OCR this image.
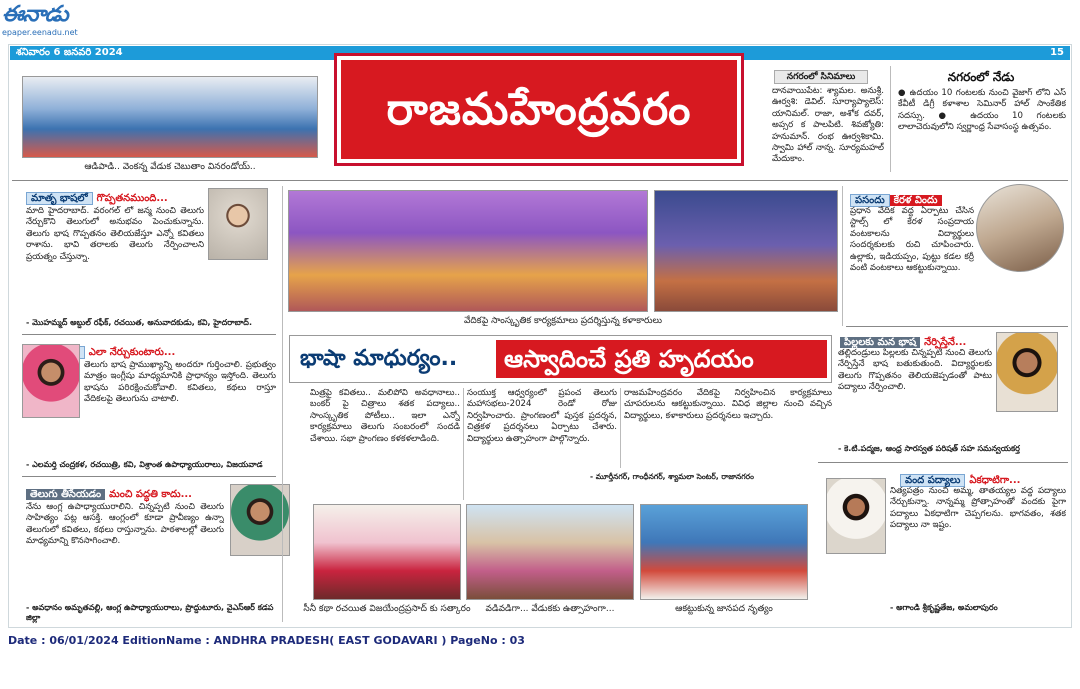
ఈనాడు
epaper.eenadu.net
శనివారం 6 జనవరి 2024	15
ఆడిపాడి.. వెంకన్న వేడుక చెబుతాం వినరండోయ్..
రాజమహేంద్రవరం
నగరంలో సినిమాలు
దానవాయిపేట: శ్యామల. అనుశ్రీ. ఊర్వశి: డెవిల్. సూర్యాప్యాలెస్: యానిమల్. రాజా, అశోక దవర్, అప్సర క పాలపిటి. శివజ్యోతి: హనుమాన్. రంభ ఊర్వశికామి. స్వామి హాల్ నాన్న. సూర్యమహల్ మేదుకాం.
నగరంలో నేడు
● ఉదయం 10 గంటలకు నుంచి వైజాగ్ లోని ఎస్ కేవీటీ డిగ్రీ కళాశాల సెమినార్ హాల్ సాంకేతిక సదస్సు. ● ఉదయం 10 గంటలకు లాలాచెరువులోని స్వర్ణాంధ్ర సేవాసంస్థ ఉత్సవం.
మాతృ భాషలో గొప్పతనముంది...
మాది హైదరాబాద్. వరంగల్ లో జన్మ నుంచి తెలుగు నేర్చుకొని తెలుగులో అనుభవం పెంచుకున్నాను. తెలుగు భాష గొప్పతనం తెలియజేస్తూ ఎన్నో కవితలు రాశాను. భావి తరాలకు తెలుగు నేర్పించాలని ప్రయత్నం చేస్తున్నా.
- మొహమ్మద్ అబ్దుల్ రఫీక్, రచయిత, అనువాదకుడు, కవి, హైదరాబాద్.
ఎలా నేర్చుకుంటారు...
తెలుగు భాష ప్రాముఖ్యాన్ని అందరూ గుర్తించాలి. ప్రభుత్వం మాత్రం ఇంగ్లీషు మాధ్యమానికి ప్రాధాన్యం ఇస్తోంది. తెలుగు భాషను పరిరక్షించుకోవాలి. కవితలు, కథలు రాస్తూ వేదికలపై తెలుగును చాటాలి.
- ఎలమర్తి చంద్రకళ, రచయిత్రి, కవి, విశ్రాంత ఉపాధ్యాయురాలు, విజయవాడ
తెలుగు తీసేయడం మంచి పద్ధతి కాదు...
నేను ఆంగ్ల ఉపాధ్యాయురాలిని. చిన్నప్పటి నుంచి తెలుగు సాహిత్యం పట్ల ఆసక్తి. ఆంగ్లంలో కూడా ప్రావీణ్యం ఉన్నా తెలుగులో కవితలు, కథలు రాస్తున్నాను. పాఠశాలల్లో తెలుగు మాధ్యమాన్ని కొనసాగించాలి.
- అవధానం అమృతవల్లి, ఆంగ్ల ఉపాధ్యాయురాలు, ప్రొద్దుటూరు, వైఎస్ఆర్ కడప జిల్లా
వేదికపై సాంస్కృతిక కార్యక్రమాలు ప్రదర్శిస్తున్న కళాకారులు
భాషా మాధుర్యం..	ఆస్వాదించే ప్రతి హృదయం
మిత్రపై కవితలు.. మలిపోవి అవధానాలు.. బంకర్ పై చిత్రాలు శతక పద్యాలు.. సాంస్కృతిక పోటీలు.. ఇలా ఎన్నో కార్యక్రమాలు తెలుగు సంబరంలో సందడి చేశాయి. సభా ప్రాంగణం కళకళలాడింది.
సంయుక్త ఆధ్వర్యంలో ప్రపంచ తెలుగు మహాసభలు-2024 రెండో రోజు నిర్వహించారు. ప్రాంగణంలో పుస్తక ప్రదర్శన, చిత్రకళ ప్రదర్శనలు ఏర్పాటు చేశారు. విద్యార్థులు ఉత్సాహంగా పాల్గొన్నారు.
- మూర్తీనగర్, గాంధీనగర్, శ్యామలా సెంటర్, రాజానగరం
రాజమహేంద్రవరం వేదికపై నిర్వహించిన కార్యక్రమాలు చూపరులను ఆకట్టుకున్నాయి. వివిధ జిల్లాల నుంచి వచ్చిన విద్యార్థులు, కళాకారులు ప్రదర్శనలు ఇచ్చారు.
సీనీ కథా రచయిత విజయేంద్రప్రసాద్ కు సత్కారం	వడివడిగా... వేడుకకు ఉత్సాహంగా...	ఆకట్టుకున్న జానపద నృత్యం
పసందు కేరళ విందు
ప్రధాన వేదిక వద్ద ఏర్పాటు చేసిన స్టాల్స్ లో కేరళ సంప్రదాయ వంటకాలను విద్యార్థులు సందర్శకులకు రుచి చూపించారు. ఉల్లాకు, ఇడియప్పం, పుట్టు కడల కర్రీ వంటి వంటకాలు ఆకట్టుకున్నాయి.
పిల్లలకు మన భాష నేర్పిస్తేనే...
తల్లిదండ్రులు పిల్లలకు చిన్నప్పటి నుంచి తెలుగు నేర్పిస్తేనే భాష బతుకుతుంది. విద్యార్థులకు తెలుగు గొప్పతనం తెలియజెప్పడంతో పాటు పద్యాలు నేర్పించాలి.
- కె.టి.పద్మజ, ఆంధ్ర సారస్వత పరిషత్ సహ సమన్వయకర్త
వంద పద్యాలు ఏకధాటిగా...
నిత్యపత్రం నుంచి అమ్మ, తాతయ్యల వద్ద పద్యాలు నేర్చుకున్నా. నాన్నమ్మ ప్రోత్సాహంతో వందకు పైగా పద్యాలు ఏకధాటిగా చెప్పగలను. భాగవతం, శతక పద్యాలు నా ఇష్టం.
- అగాండి శ్రీకృష్ణతేజ, అమలాపురం
Date : 06/01/2024 EditionName : ANDHRA PRADESH( EAST GODAVARI ) PageNo : 03
